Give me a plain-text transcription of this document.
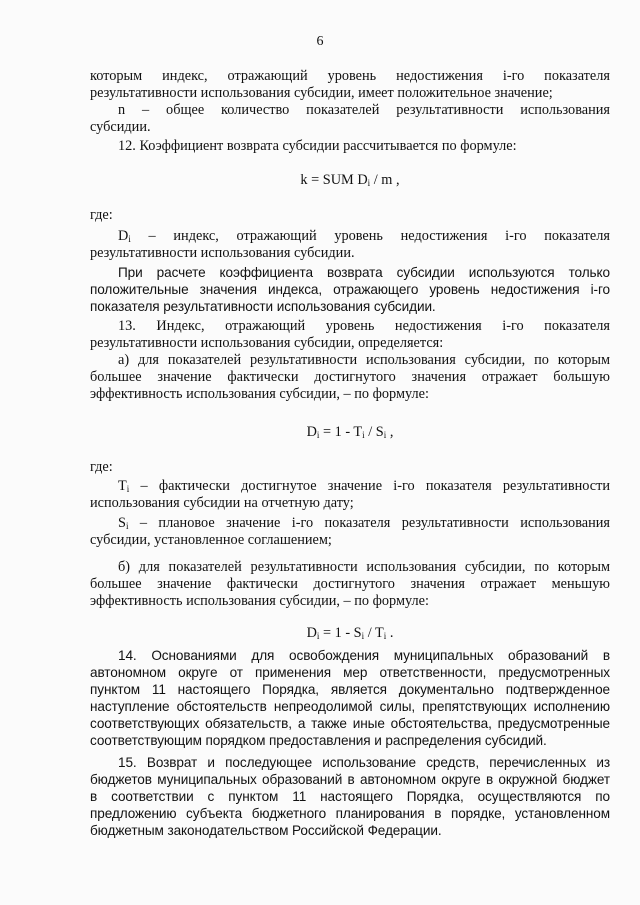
6
которым индекс, отражающий уровень недостижения i-го показателя
результативности использования субсидии, имеет положительное значение;
n – общее количество показателей результативности использования
субсидии.
12. Коэффициент возврата субсидии рассчитывается по формуле:
k = SUM $D_i$ / m ,
где:
$D_i$ – индекс, отражающий уровень недостижения i-го показателя
результативности использования субсидии.
При расчете коэффициента возврата субсидии используются только
положительные значения индекса, отражающего уровень недостижения i-го
показателя результативности использования субсидии.
13. Индекс, отражающий уровень недостижения i-го показателя
результативности использования субсидии, определяется:
а) для показателей результативности использования субсидии, по которым
большее значение фактически достигнутого значения отражает большую
эффективность использования субсидии, – по формуле:
$D_i = 1 - T_i / S_i$ ,
где:
$T_i$ – фактически достигнутое значение i-го показателя результативности
использования субсидии на отчетную дату;
$S_i$ – плановое значение i-го показателя результативности использования
субсидии, установленное соглашением;
б) для показателей результативности использования субсидии, по которым
большее значение фактически достигнутого значения отражает меньшую
эффективность использования субсидии, – по формуле:
$D_i = 1 - S_i / T_i$ .
14. Основаниями для освобождения муниципальных образований в
автономном округе от применения мер ответственности, предусмотренных
пунктом 11 настоящего Порядка, является документально подтвержденное
наступление обстоятельств непреодолимой силы, препятствующих исполнению
соответствующих обязательств, а также иные обстоятельства, предусмотренные
соответствующим порядком предоставления и распределения субсидий.
15. Возврат и последующее использование средств, перечисленных из
бюджетов муниципальных образований в автономном округе в окружной бюджет
в соответствии с пунктом 11 настоящего Порядка, осуществляются по
предложению субъекта бюджетного планирования в порядке, установленном
бюджетным законодательством Российской Федерации.
